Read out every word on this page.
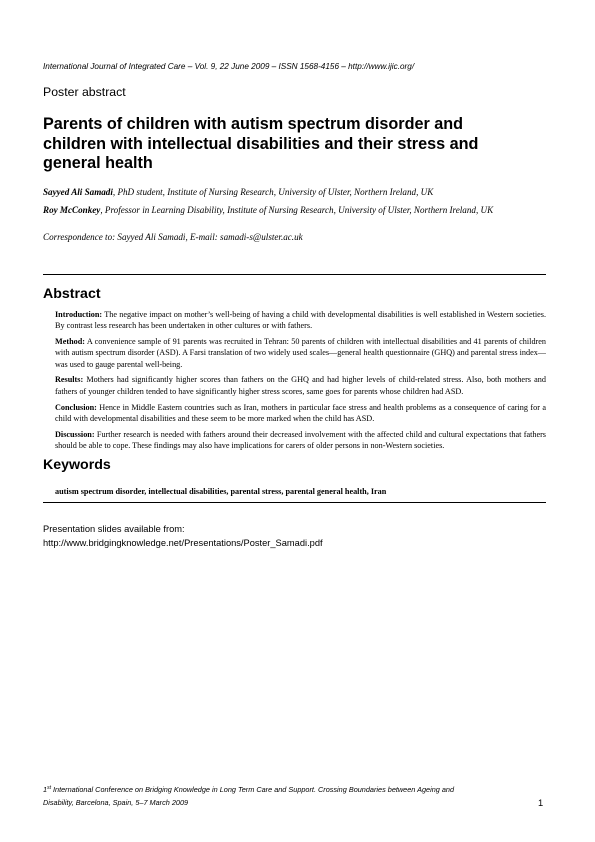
International Journal of Integrated Care – Vol. 9, 22 June 2009 – ISSN 1568-4156 – http://www.ijic.org/
Poster abstract
Parents of children with autism spectrum disorder and children with intellectual disabilities and their stress and general health
Sayyed Ali Samadi, PhD student, Institute of Nursing Research, University of Ulster, Northern Ireland, UK
Roy McConkey, Professor in Learning Disability, Institute of Nursing Research, University of Ulster, Northern Ireland, UK
Correspondence to: Sayyed Ali Samadi, E-mail: samadi-s@ulster.ac.uk
Abstract

Introduction: The negative impact on mother’s well-being of having a child with developmental disabilities is well established in Western societies. By contrast less research has been undertaken in other cultures or with fathers.

Method: A convenience sample of 91 parents was recruited in Tehran: 50 parents of children with intellectual disabilities and 41 parents of children with autism spectrum disorder (ASD). A Farsi translation of two widely used scales—general health questionnaire (GHQ) and parental stress index—was used to gauge parental well-being.

Results: Mothers had significantly higher scores than fathers on the GHQ and had higher levels of child-related stress. Also, both mothers and fathers of younger children tended to have significantly higher stress scores, same goes for parents whose children had ASD.

Conclusion: Hence in Middle Eastern countries such as Iran, mothers in particular face stress and health problems as a consequence of caring for a child with developmental disabilities and these seem to be more marked when the child has ASD.

Discussion: Further research is needed with fathers around their decreased involvement with the affected child and cultural expectations that fathers should be able to cope. These findings may also have implications for carers of older persons in non-Western societies.

Keywords
autism spectrum disorder, intellectual disabilities, parental stress, parental general health, Iran
Presentation slides available from:
http://www.bridgingknowledge.net/Presentations/Poster_Samadi.pdf
1st International Conference on Bridging Knowledge in Long Term Care and Support. Crossing Boundaries between Ageing and
Disability, Barcelona, Spain, 5–7 March 2009	1
